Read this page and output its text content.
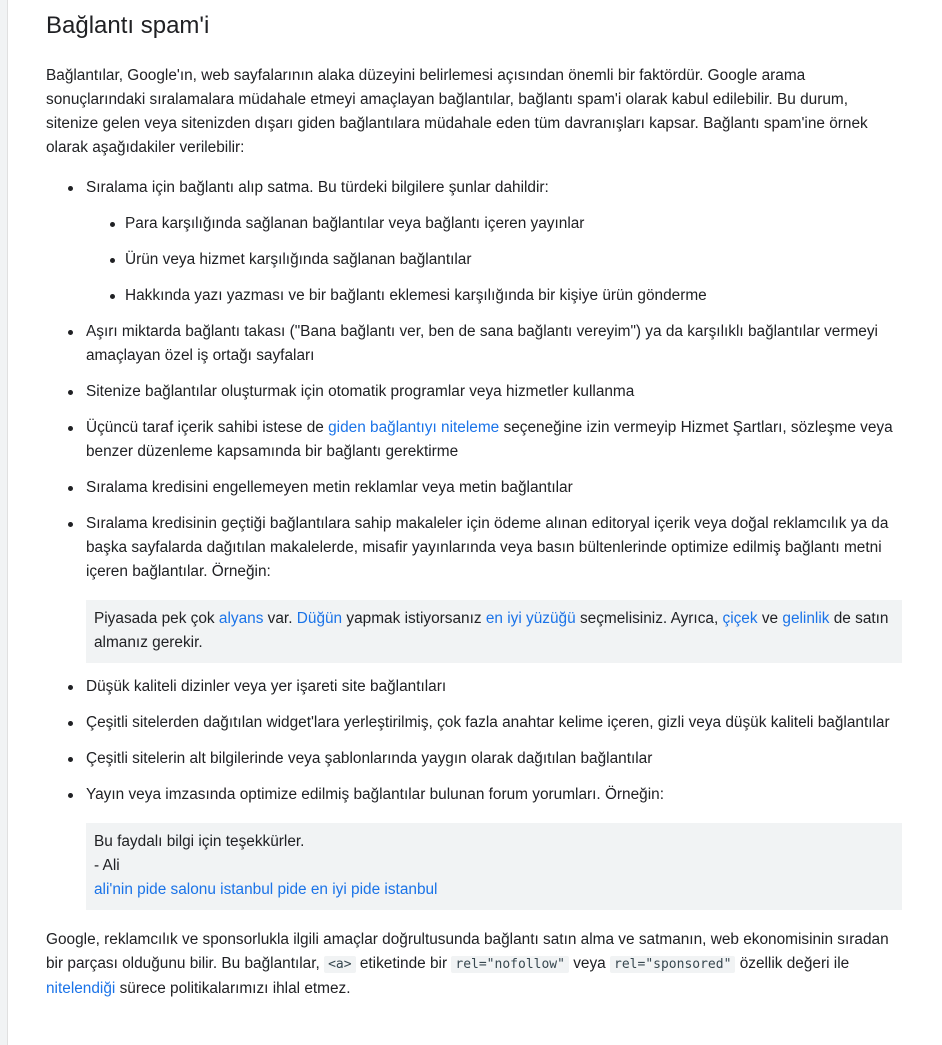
Bağlantı spam'i

Bağlantılar, Google'ın, web sayfalarının alaka düzeyini belirlemesi açısından önemli bir faktördür. Google arama sonuçlarındaki sıralamalara müdahale etmeyi amaçlayan bağlantılar, bağlantı spam'i olarak kabul edilebilir. Bu durum, sitenize gelen veya sitenizden dışarı giden bağlantılara müdahale eden tüm davranışları kapsar. Bağlantı spam'ine örnek olarak aşağıdakiler verilebilir:

Sıralama için bağlantı alıp satma. Bu türdeki bilgilere şunlar dahildir:
Para karşılığında sağlanan bağlantılar veya bağlantı içeren yayınlar
Ürün veya hizmet karşılığında sağlanan bağlantılar
Hakkında yazı yazması ve bir bağlantı eklemesi karşılığında bir kişiye ürün gönderme
Aşırı miktarda bağlantı takası ("Bana bağlantı ver, ben de sana bağlantı vereyim") ya da karşılıklı bağlantılar vermeyi amaçlayan özel iş ortağı sayfaları
Sitenize bağlantılar oluşturmak için otomatik programlar veya hizmetler kullanma
Üçüncü taraf içerik sahibi istese de giden bağlantıyı niteleme seçeneğine izin vermeyip Hizmet Şartları, sözleşme veya benzer düzenleme kapsamında bir bağlantı gerektirme
Sıralama kredisini engellemeyen metin reklamlar veya metin bağlantılar
Sıralama kredisinin geçtiği bağlantılara sahip makaleler için ödeme alınan editoryal içerik veya doğal reklamcılık ya da başka sayfalarda dağıtılan makalelerde, misafir yayınlarında veya basın bültenlerinde optimize edilmiş bağlantı metni içeren bağlantılar. Örneğin:
Piyasada pek çok alyans var. Düğün yapmak istiyorsanız en iyi yüzüğü seçmelisiniz. Ayrıca, çiçek ve gelinlik de satın almanız gerekir.
Düşük kaliteli dizinler veya yer işareti site bağlantıları
Çeşitli sitelerden dağıtılan widget'lara yerleştirilmiş, çok fazla anahtar kelime içeren, gizli veya düşük kaliteli bağlantılar
Çeşitli sitelerin alt bilgilerinde veya şablonlarında yaygın olarak dağıtılan bağlantılar
Yayın veya imzasında optimize edilmiş bağlantılar bulunan forum yorumları. Örneğin:
Bu faydalı bilgi için teşekkürler.
- Ali
ali'nin pide salonu istanbul pide en iyi pide istanbul

Google, reklamcılık ve sponsorlukla ilgili amaçlar doğrultusunda bağlantı satın alma ve satmanın, web ekonomisinin sıradan bir parçası olduğunu bilir. Bu bağlantılar, <a> etiketinde bir rel="nofollow" veya rel="sponsored" özellik değeri ile nitelendiği sürece politikalarımızı ihlal etmez.
